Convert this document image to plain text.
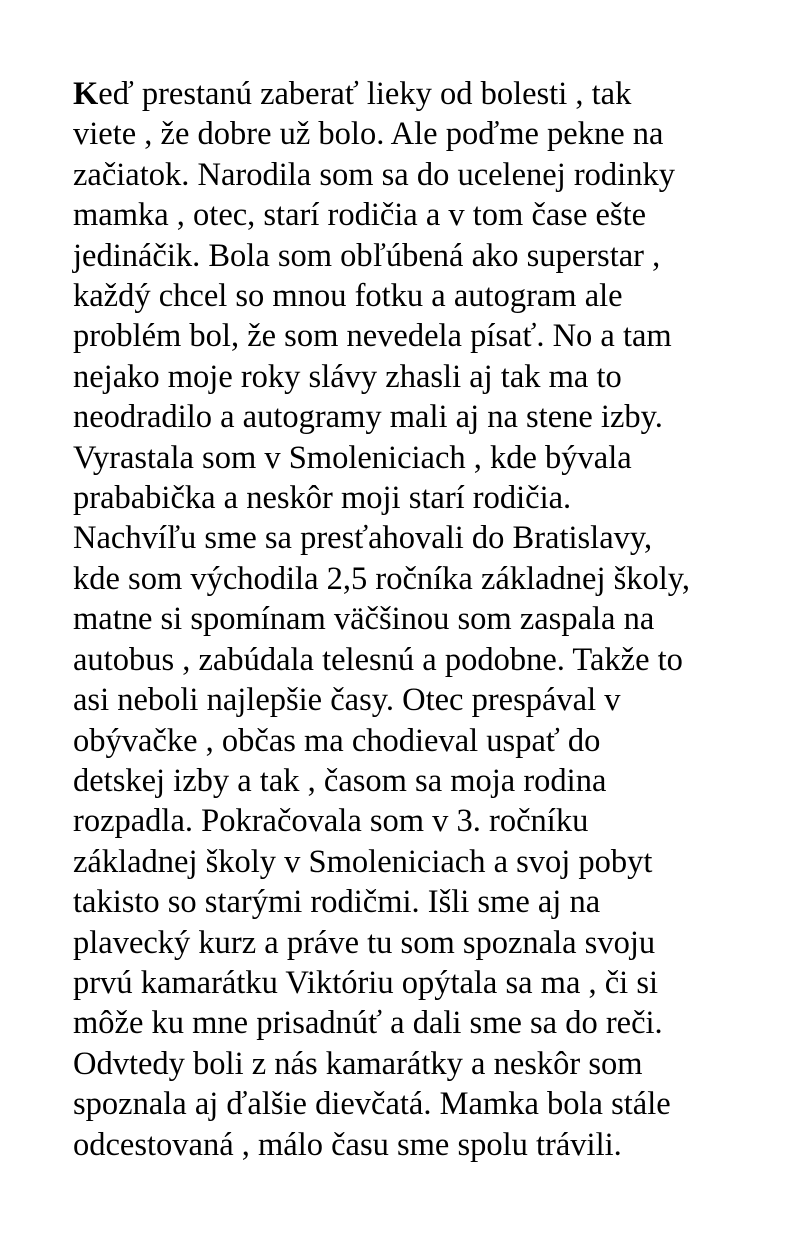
Keď prestanú zaberať lieky od bolesti , tak
viete , že dobre už bolo. Ale poďme pekne na
začiatok. Narodila som sa do ucelenej rodinky
mamka , otec, starí rodičia a v tom čase ešte
jedináčik. Bola som obľúbená ako superstar ,
každý chcel so mnou fotku a autogram ale
problém bol, že som nevedela písať. No a tam
nejako moje roky slávy zhasli aj tak ma to
neodradilo a autogramy mali aj na stene izby.
Vyrastala som v Smoleniciach , kde bývala
prababička a neskôr moji starí rodičia.
Nachvíľu sme sa presťahovali do Bratislavy,
kde som východila 2,5 ročníka základnej školy,
matne si spomínam väčšinou som zaspala na
autobus , zabúdala telesnú a podobne. Takže to
asi neboli najlepšie časy. Otec prespával v
obývačke , občas ma chodieval uspať do
detskej izby a tak , časom sa moja rodina
rozpadla. Pokračovala som v 3. ročníku
základnej školy v Smoleniciach a svoj pobyt
takisto so starými rodičmi. Išli sme aj na
plavecký kurz a práve tu som spoznala svoju
prvú kamarátku Viktóriu opýtala sa ma , či si
môže ku mne prisadnúť a dali sme sa do reči.
Odvtedy boli z nás kamarátky a neskôr som
spoznala aj ďalšie dievčatá. Mamka bola stále
odcestovaná , málo času sme spolu trávili.
